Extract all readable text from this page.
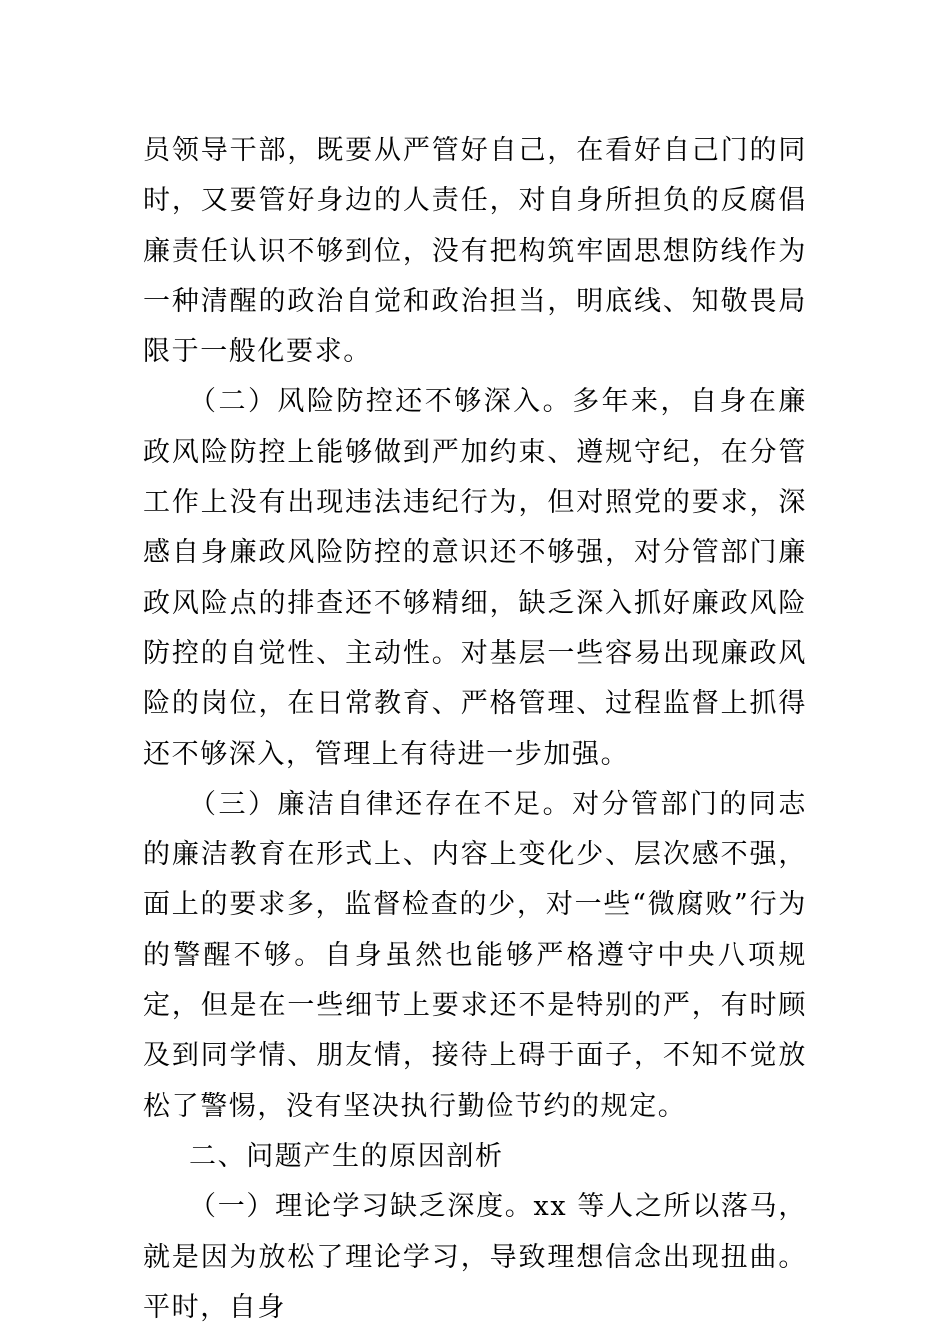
员领导干部，既要从严管好自己，在看好自己门的同时，又要管好身边的人责任，对自身所担负的反腐倡廉责任认识不够到位，没有把构筑牢固思想防线作为一种清醒的政治自觉和政治担当，明底线、知敬畏局限于一般化要求。

（二）风险防控还不够深入。多年来，自身在廉政风险防控上能够做到严加约束、遵规守纪，在分管工作上没有出现违法违纪行为，但对照党的要求，深感自身廉政风险防控的意识还不够强，对分管部门廉政风险点的排查还不够精细，缺乏深入抓好廉政风险防控的自觉性、主动性。对基层一些容易出现廉政风险的岗位，在日常教育、严格管理、过程监督上抓得还不够深入，管理上有待进一步加强。

（三）廉洁自律还存在不足。对分管部门的同志的廉洁教育在形式上、内容上变化少、层次感不强，面上的要求多，监督检查的少，对一些“微腐败”行为的警醒不够。自身虽然也能够严格遵守中央八项规定，但是在一些细节上要求还不是特别的严，有时顾及到同学情、朋友情，接待上碍于面子，不知不觉放松了警惕，没有坚决执行勤俭节约的规定。

二、问题产生的原因剖析

（一）理论学习缺乏深度。xx 等人之所以落马，就是因为放松了理论学习，导致理想信念出现扭曲。平时，自身
